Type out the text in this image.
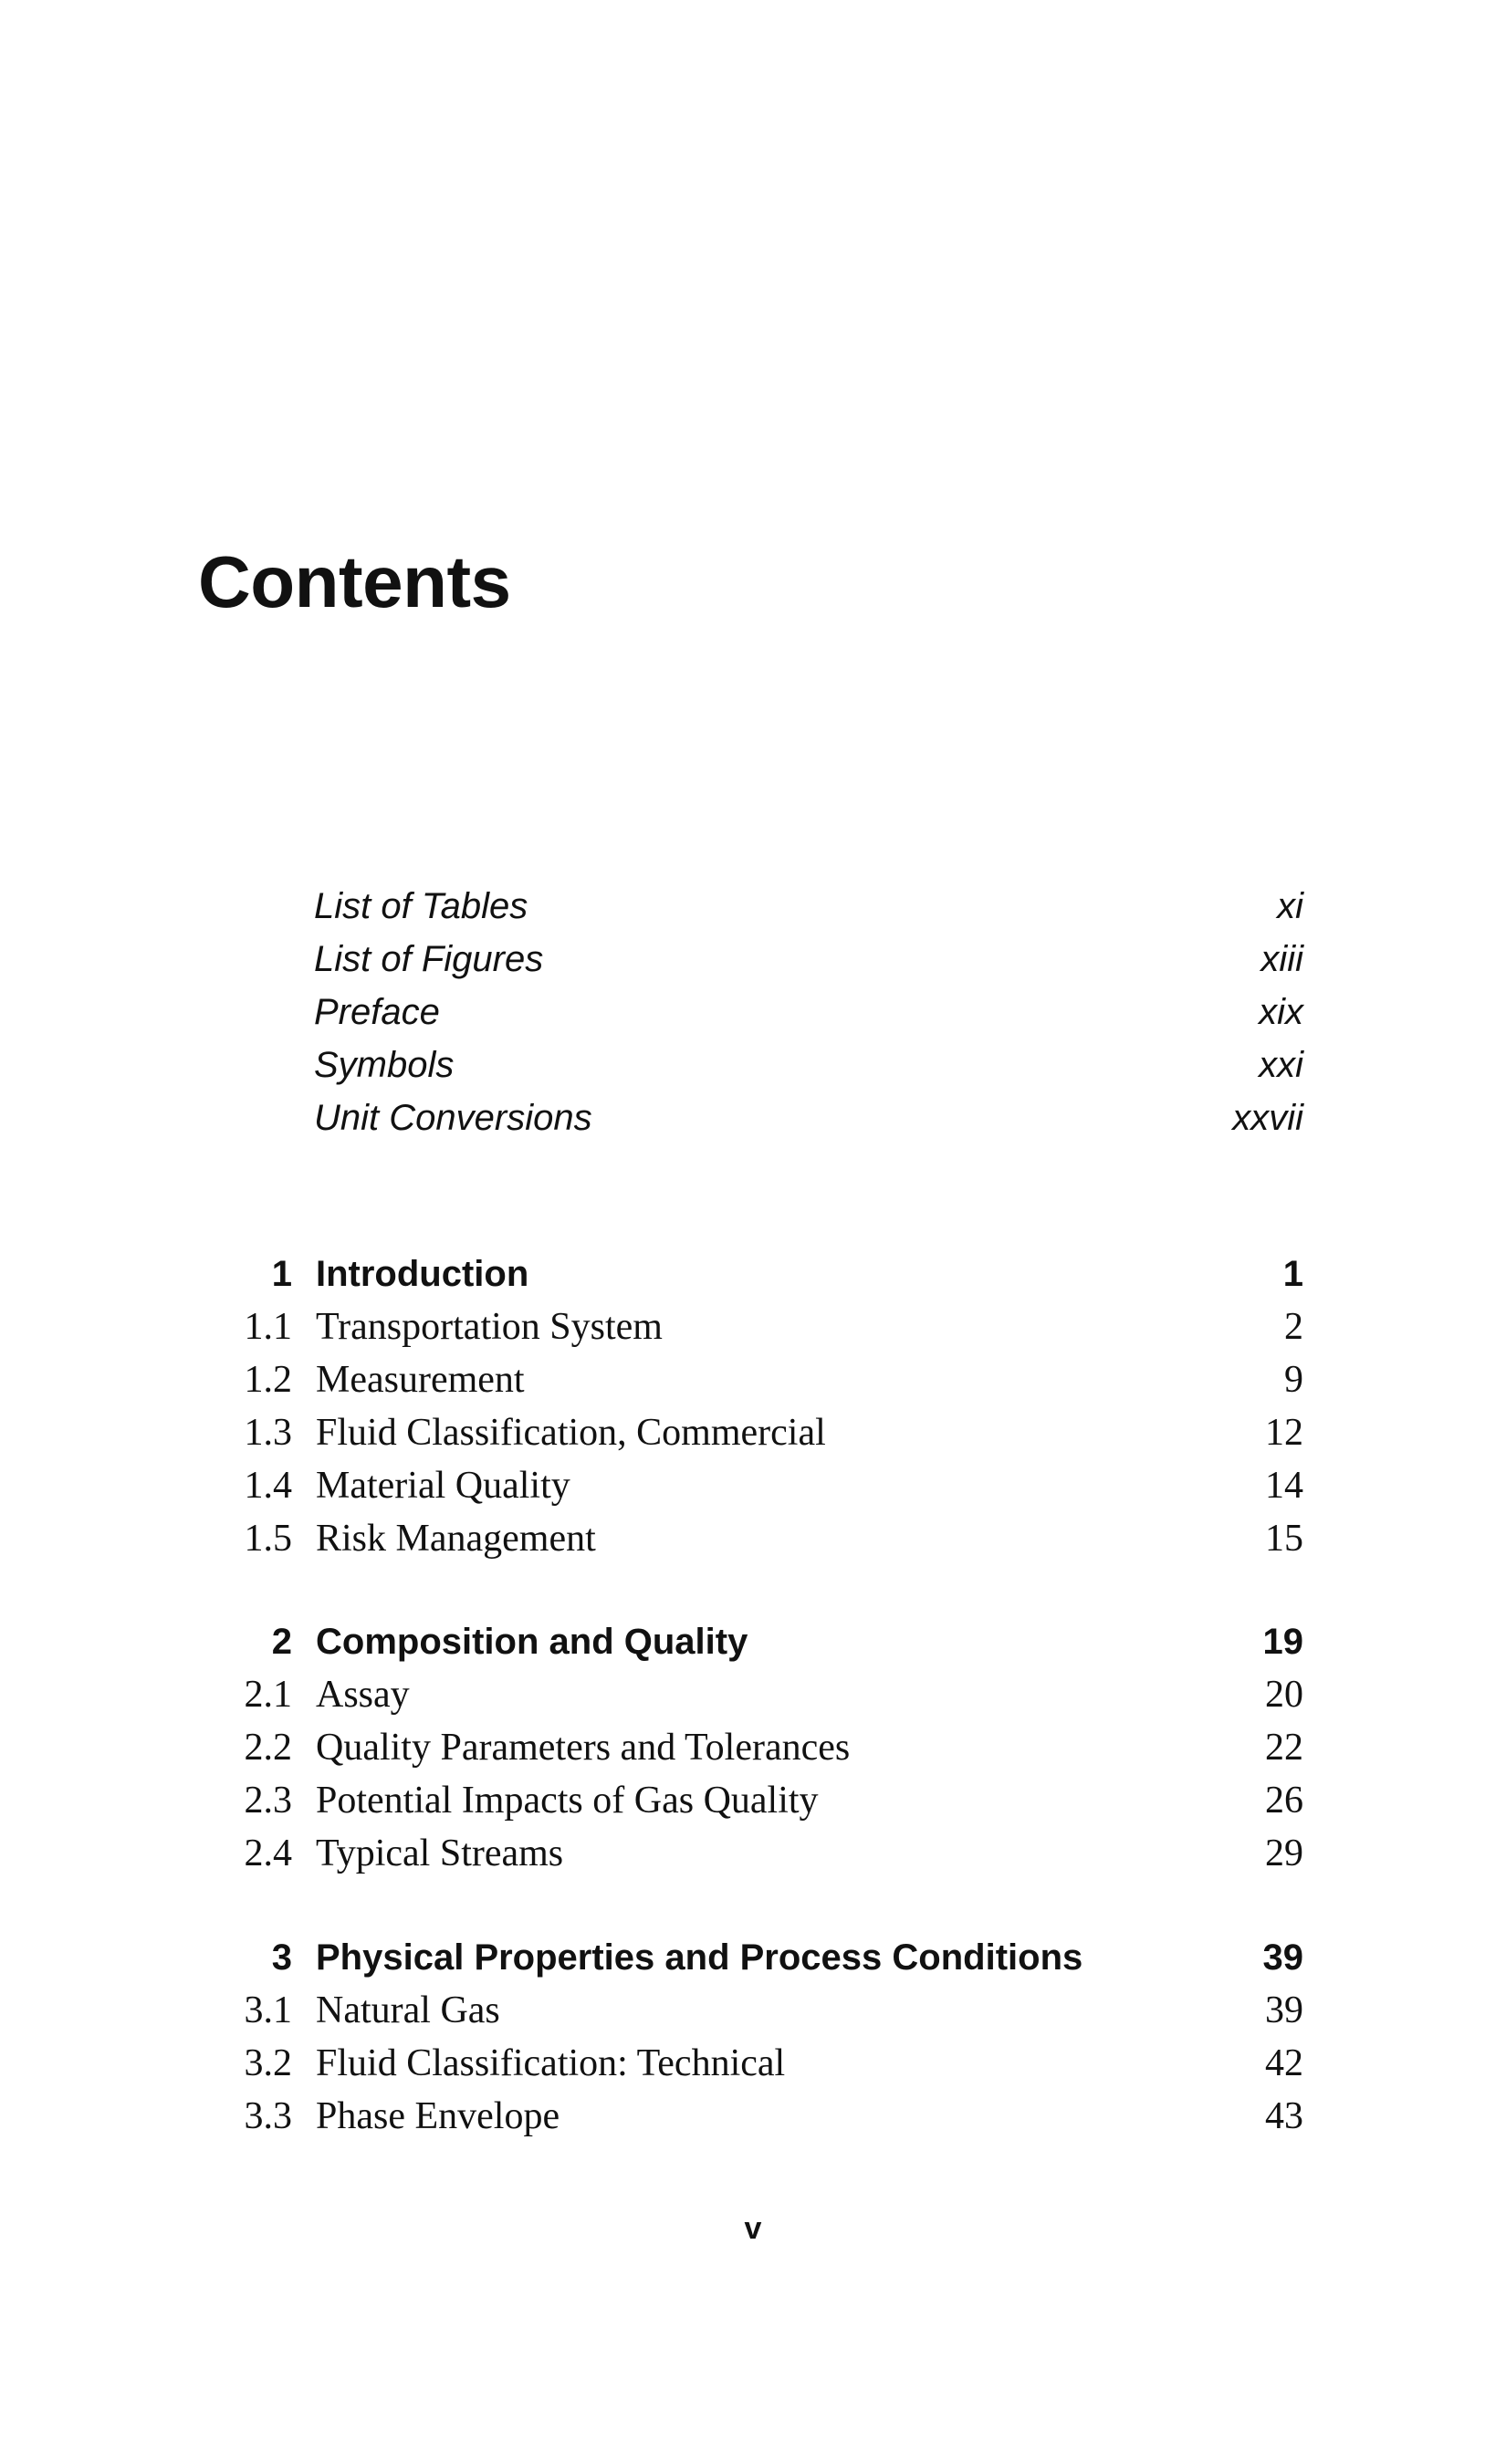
Contents
List of Tables	xi
List of Figures	xiii
Preface	xix
Symbols	xxi
Unit Conversions	xxvii
1 Introduction	1
1.1 Transportation System	2
1.2 Measurement	9
1.3 Fluid Classification, Commercial	12
1.4 Material Quality	14
1.5 Risk Management	15
2 Composition and Quality	19
2.1 Assay	20
2.2 Quality Parameters and Tolerances	22
2.3 Potential Impacts of Gas Quality	26
2.4 Typical Streams	29
3 Physical Properties and Process Conditions	39
3.1 Natural Gas	39
3.2 Fluid Classification: Technical	42
3.3 Phase Envelope	43
v
